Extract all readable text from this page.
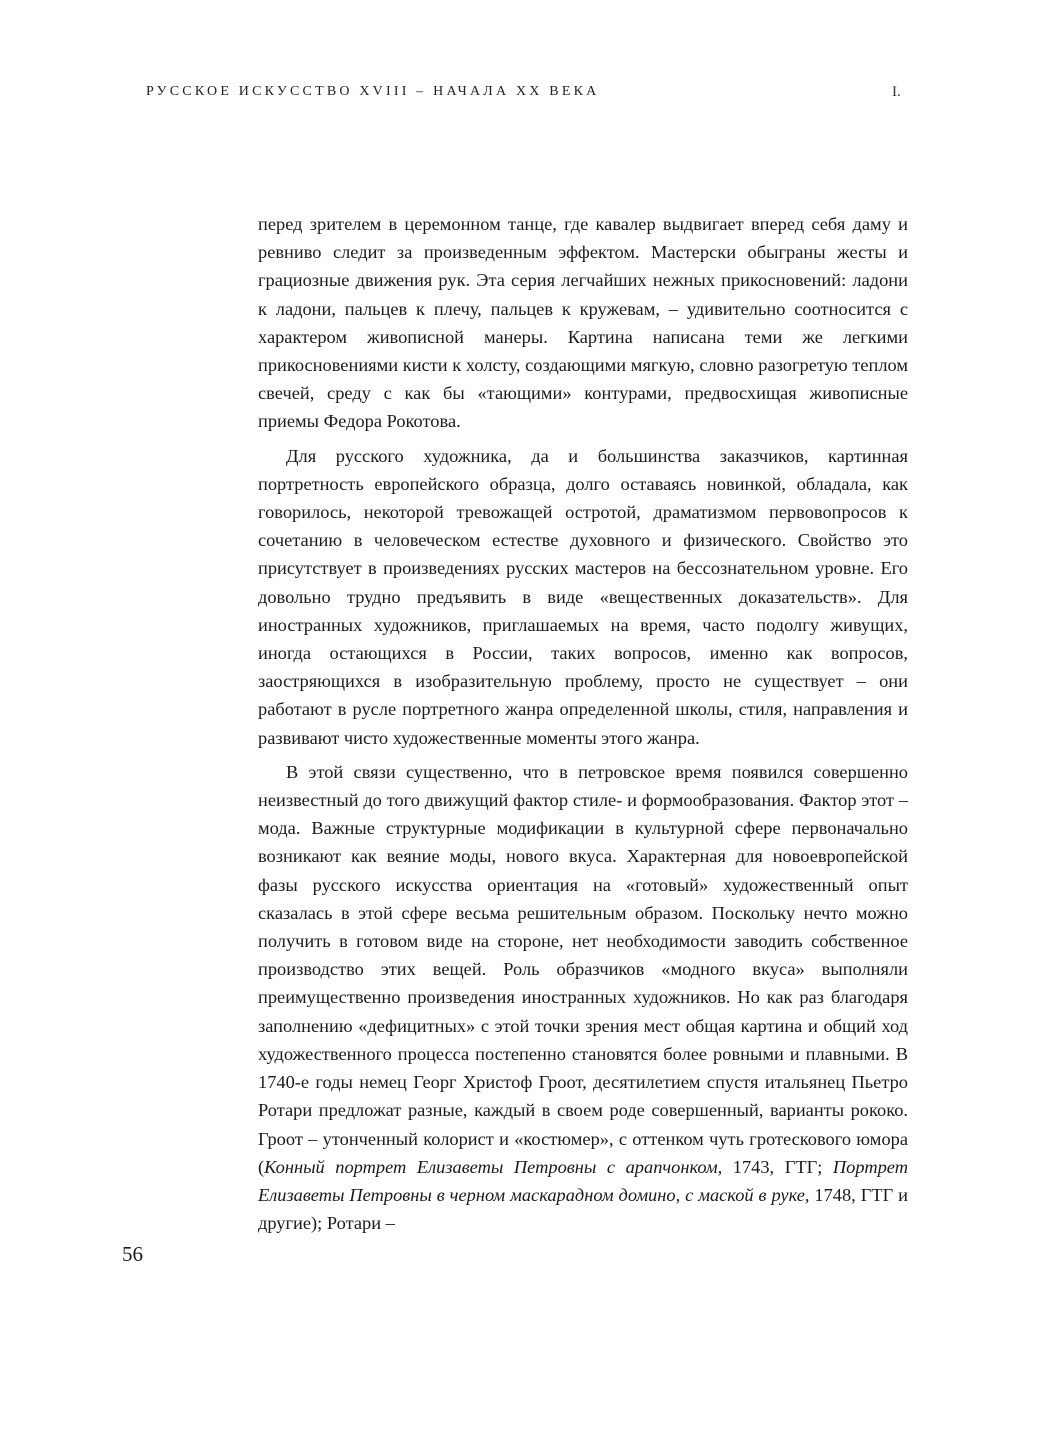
РУССКОЕ ИСКУССТВО XVIII – НАЧАЛА XX ВЕКА	I.

перед зрителем в церемонном танце, где кавалер выдвигает вперед себя даму и ревниво следит за произведенным эффектом. Мастерски обыграны жесты и грациозные движения рук. Эта серия легчайших нежных прикосновений: ладони к ладони, пальцев к плечу, пальцев к кружевам, – удивительно соотносится с характером живописной манеры. Картина написана теми же легкими прикосновениями кисти к холсту, создающими мягкую, словно разогретую теплом свечей, среду с как бы «тающими» контурами, предвосхищая живописные приемы Федора Рокотова.

Для русского художника, да и большинства заказчиков, картинная портретность европейского образца, долго оставаясь новинкой, обладала, как говорилось, некоторой тревожащей остротой, драматизмом первовопросов к сочетанию в человеческом естестве духовного и физического. Свойство это присутствует в произведениях русских мастеров на бессознательном уровне. Его довольно трудно предъявить в виде «вещественных доказательств». Для иностранных художников, приглашаемых на время, часто подолгу живущих, иногда остающихся в России, таких вопросов, именно как вопросов, заостряющихся в изобразительную проблему, просто не существует – они работают в русле портретного жанра определенной школы, стиля, направления и развивают чисто художественные моменты этого жанра.

В этой связи существенно, что в петровское время появился совершенно неизвестный до того движущий фактор стиле- и формообразования. Фактор этот – мода. Важные структурные модификации в культурной сфере первоначально возникают как веяние моды, нового вкуса. Характерная для новоевропейской фазы русского искусства ориентация на «готовый» художественный опыт сказалась в этой сфере весьма решительным образом. Поскольку нечто можно получить в готовом виде на стороне, нет необходимости заводить собственное производство этих вещей. Роль образчиков «модного вкуса» выполняли преимущественно произведения иностранных художников. Но как раз благодаря заполнению «дефицитных» с этой точки зрения мест общая картина и общий ход художественного процесса постепенно становятся более ровными и плавными. В 1740-е годы немец Георг Христоф Гроот, десятилетием спустя итальянец Пьетро Ротари предложат разные, каждый в своем роде совершенный, варианты рококо. Гроот – утонченный колорист и «костюмер», с оттенком чуть гротескового юмора (Конный портрет Елизаветы Петровны с арапчонком, 1743, ГТГ; Портрет Елизаветы Петровны в черном маскарадном домино, с маской в руке, 1748, ГТГ и другие); Ротари –

56
